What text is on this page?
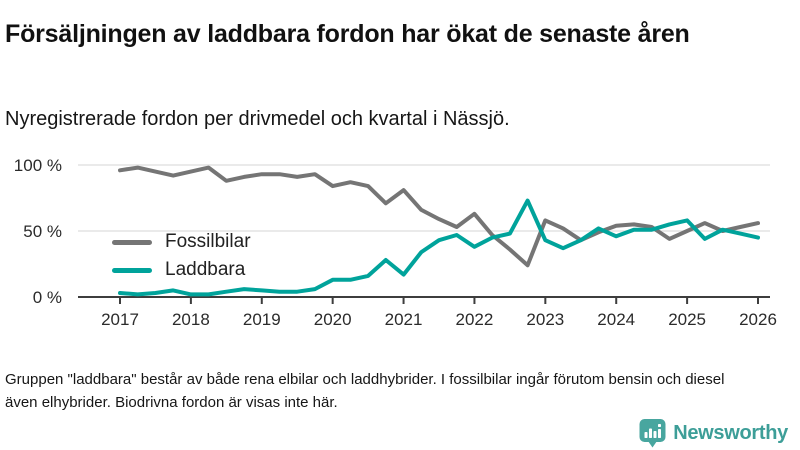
Försäljningen av laddbara fordon har ökat de senaste åren
Nyregistrerade fordon per drivmedel och kvartal i Nässjö.
2017 2018 2019 2020 2021 2022 2023 2024 2025 2026
0 %
50 %
100 %
Fossilbilar
Laddbara
Gruppen "laddbara" består av både rena elbilar och laddhybrider. I fossilbilar ingår förutom bensin och diesel även elhybrider. Biodrivna fordon är visas inte här.
Newsworthy
